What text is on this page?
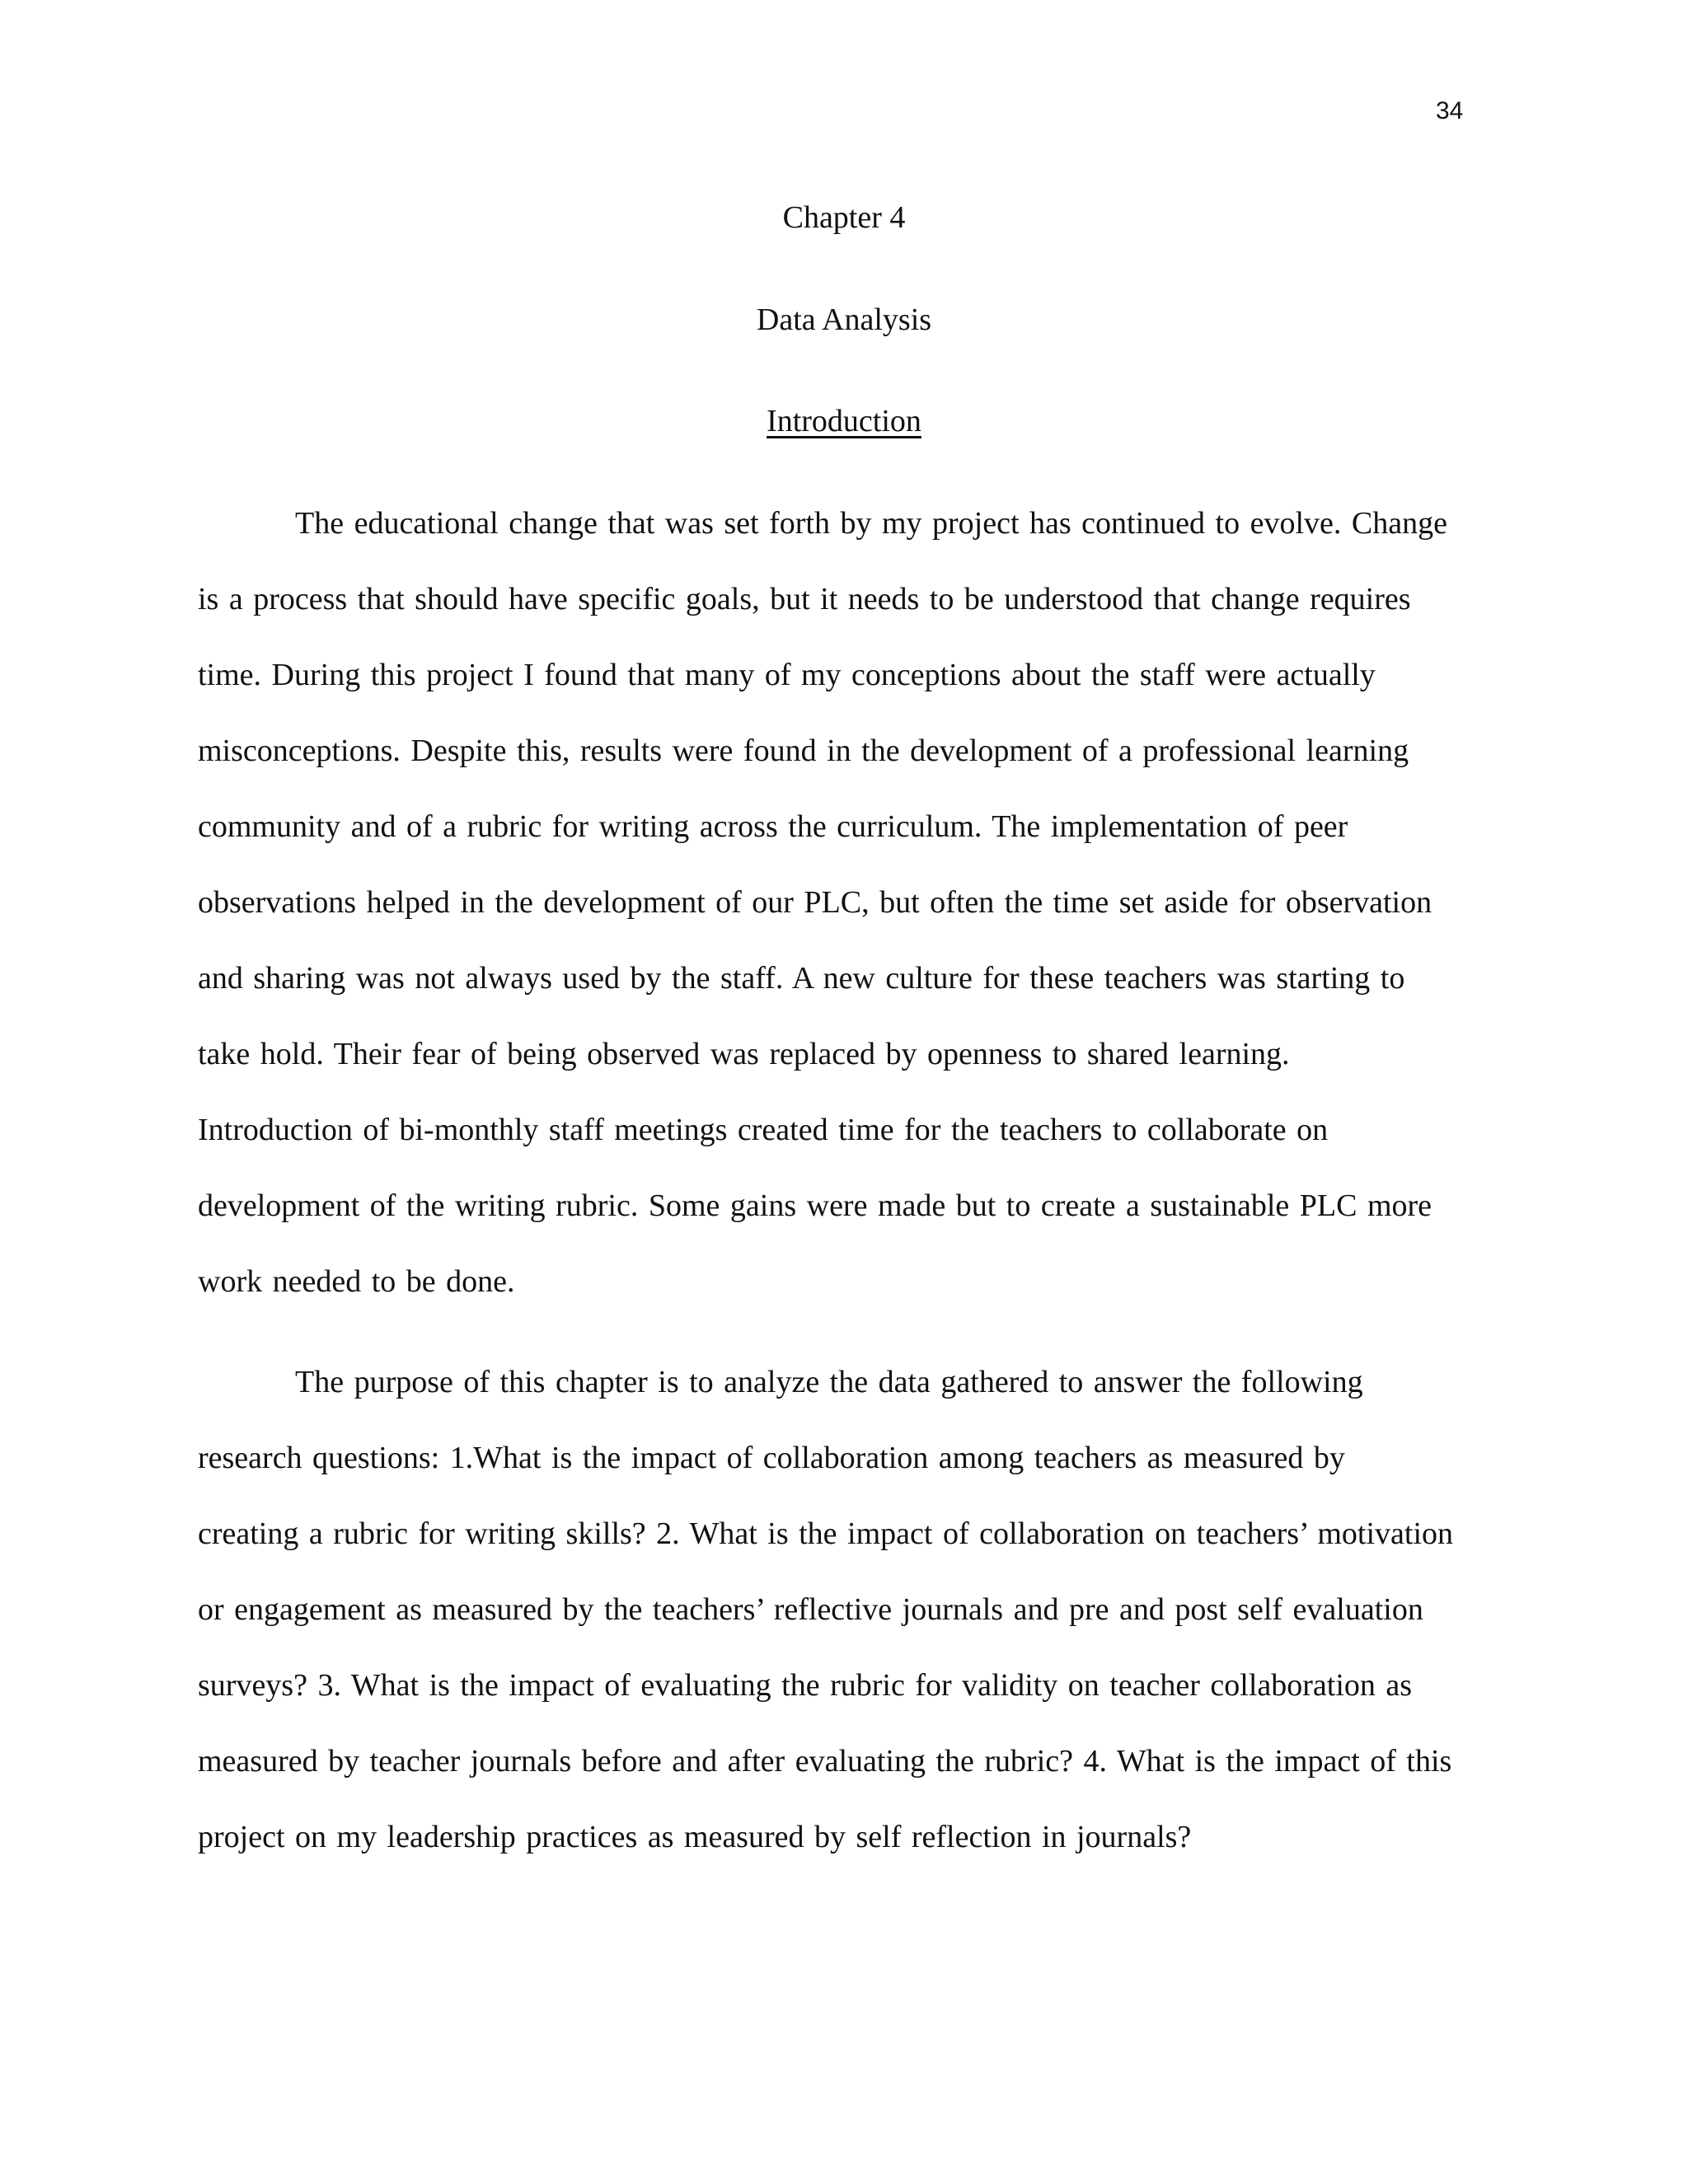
34
Chapter 4
Data Analysis
Introduction
The educational change that was set forth by my project has continued to evolve. Change
is a process that should have specific goals, but it needs to be understood that change requires
time. During this project I found that many of my conceptions about the staff were actually
misconceptions. Despite this, results were found in the development of a professional learning
community and of a rubric for writing across the curriculum. The implementation of peer
observations helped in the development of our PLC, but often the time set aside for observation
and sharing was not always used by the staff. A new culture for these teachers was starting to
take hold. Their fear of being observed was replaced by openness to shared learning.
Introduction of bi-monthly staff meetings created time for the teachers to collaborate on
development of the writing rubric. Some gains were made but to create a sustainable PLC more
work needed to be done.
The purpose of this chapter is to analyze the data gathered to answer the following
research questions: 1.What is the impact of collaboration among teachers as measured by
creating a rubric for writing skills? 2. What is the impact of collaboration on teachers’ motivation
or engagement as measured by the teachers’ reflective journals and pre and post self evaluation
surveys? 3. What is the impact of evaluating the rubric for validity on teacher collaboration as
measured by teacher journals before and after evaluating the rubric? 4. What is the impact of this
project on my leadership practices as measured by self reflection in journals?
